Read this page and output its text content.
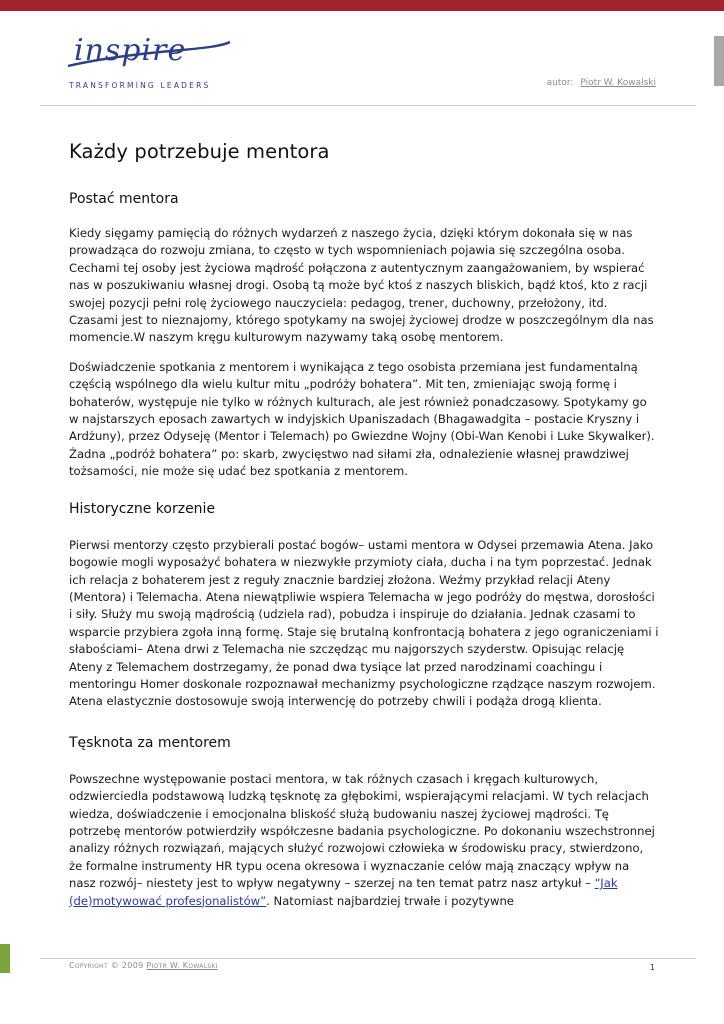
inspire
TRANSFORMING LEADERS	autor: Piotr W. Kowalski
Każdy potrzebuje mentora
Postać mentora

Kiedy sięgamy pamięcią do różnych wydarzeń z naszego życia, dzięki którym dokonała się w nas prowadząca do rozwoju zmiana, to często w tych wspomnieniach pojawia się szczególna osoba. Cechami tej osoby jest życiowa mądrość połączona z autentycznym zaangażowaniem, by wspierać nas w poszukiwaniu własnej drogi. Osobą tą może być ktoś z naszych bliskich, bądź ktoś, kto z racji swojej pozycji pełni rolę życiowego nauczyciela: pedagog, trener, duchowny, przełożony, itd. Czasami jest to nieznajomy, którego spotykamy na swojej życiowej drodze w poszczególnym dla nas momencie.W naszym kręgu kulturowym nazywamy taką osobę mentorem.

Doświadczenie spotkania z mentorem i wynikająca z tego osobista przemiana jest fundamentalną częścią wspólnego dla wielu kultur mitu „podróży bohatera”. Mit ten, zmieniając swoją formę i bohaterów, występuje nie tylko w różnych kulturach, ale jest również ponadczasowy. Spotykamy go w najstarszych eposach zawartych w indyjskich Upaniszadach (Bhagawadgita – postacie Kryszny i Ardżuny), przez Odyseję (Mentor i Telemach) po Gwiezdne Wojny (Obi-Wan Kenobi i Luke Skywalker). Żadna „podróż bohatera” po: skarb, zwycięstwo nad siłami zła, odnalezienie własnej prawdziwej tożsamości, nie może się udać bez spotkania z mentorem.

Historyczne korzenie

Pierwsi mentorzy często przybierali postać bogów– ustami mentora w Odysei przemawia Atena. Jako bogowie mogli wyposażyć bohatera w niezwykłe przymioty ciała, ducha i na tym poprzestać. Jednak ich relacja z bohaterem jest z reguły znacznie bardziej złożona. Weźmy przykład relacji Ateny (Mentora) i Telemacha. Atena niewątpliwie wspiera Telemacha w jego podróży do męstwa, dorosłości i siły. Służy mu swoją mądrością (udziela rad), pobudza i inspiruje do działania. Jednak czasami to wsparcie przybiera zgoła inną formę. Staje się brutalną konfrontacją bohatera z jego ograniczeniami i słabościami– Atena drwi z Telemacha nie szczędząc mu najgorszych szyderstw. Opisując relację Ateny z Telemachem dostrzegamy, że ponad dwa tysiące lat przed narodzinami coachingu i mentoringu Homer doskonale rozpoznawał mechanizmy psychologiczne rządzące naszym rozwojem. Atena elastycznie dostosowuje swoją interwencję do potrzeby chwili i podąża drogą klienta.

Tęsknota za mentorem

Powszechne występowanie postaci mentora, w tak różnych czasach i kręgach kulturowych, odzwierciedla podstawową ludzką tęsknotę za głębokimi, wspierającymi relacjami. W tych relacjach wiedza, doświadczenie i emocjonalna bliskość służą budowaniu naszej życiowej mądrości. Tę potrzebę mentorów potwierdziły współczesne badania psychologiczne. Po dokonaniu wszechstronnej analizy różnych rozwiązań, mających służyć rozwojowi człowieka w środowisku pracy, stwierdzono, że formalne instrumenty HR typu ocena okresowa i wyznaczanie celów mają znaczący wpływ na nasz rozwój– niestety jest to wpływ negatywny – szerzej na ten temat patrz nasz artykuł – “Jak (de)motywować profesjonalistów”. Natomiast najbardziej trwałe i pozytywne

Copyright © 2009 Piotr W. Kowalski	1
